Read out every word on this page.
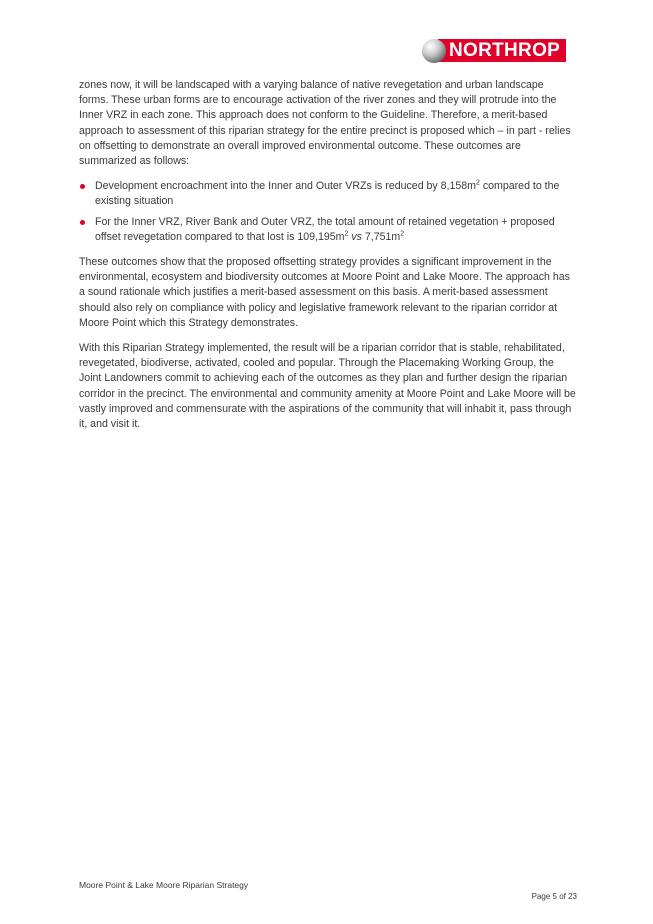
NORTHROP

zones now, it will be landscaped with a varying balance of native revegetation and urban landscape forms. These urban forms are to encourage activation of the river zones and they will protrude into the Inner VRZ in each zone. This approach does not conform to the Guideline. Therefore, a merit-based approach to assessment of this riparian strategy for the entire precinct is proposed which – in part - relies on offsetting to demonstrate an overall improved environmental outcome. These outcomes are summarized as follows:

Development encroachment into the Inner and Outer VRZs is reduced by $8,158m^2$ compared to the existing situation
For the Inner VRZ, River Bank and Outer VRZ, the total amount of retained vegetation + proposed offset revegetation compared to that lost is $109,195m^2$ vs $7,751m^2$

These outcomes show that the proposed offsetting strategy provides a significant improvement in the environmental, ecosystem and biodiversity outcomes at Moore Point and Lake Moore. The approach has a sound rationale which justifies a merit-based assessment on this basis. A merit-based assessment should also rely on compliance with policy and legislative framework relevant to the riparian corridor at Moore Point which this Strategy demonstrates.

With this Riparian Strategy implemented, the result will be a riparian corridor that is stable, rehabilitated, revegetated, biodiverse, activated, cooled and popular. Through the Placemaking Working Group, the Joint Landowners commit to achieving each of the outcomes as they plan and further design the riparian corridor in the precinct. The environmental and community amenity at Moore Point and Lake Moore will be vastly improved and commensurate with the aspirations of the community that will inhabit it, pass through it, and visit it.

Moore Point & Lake Moore Riparian Strategy
Page 5 of 23
